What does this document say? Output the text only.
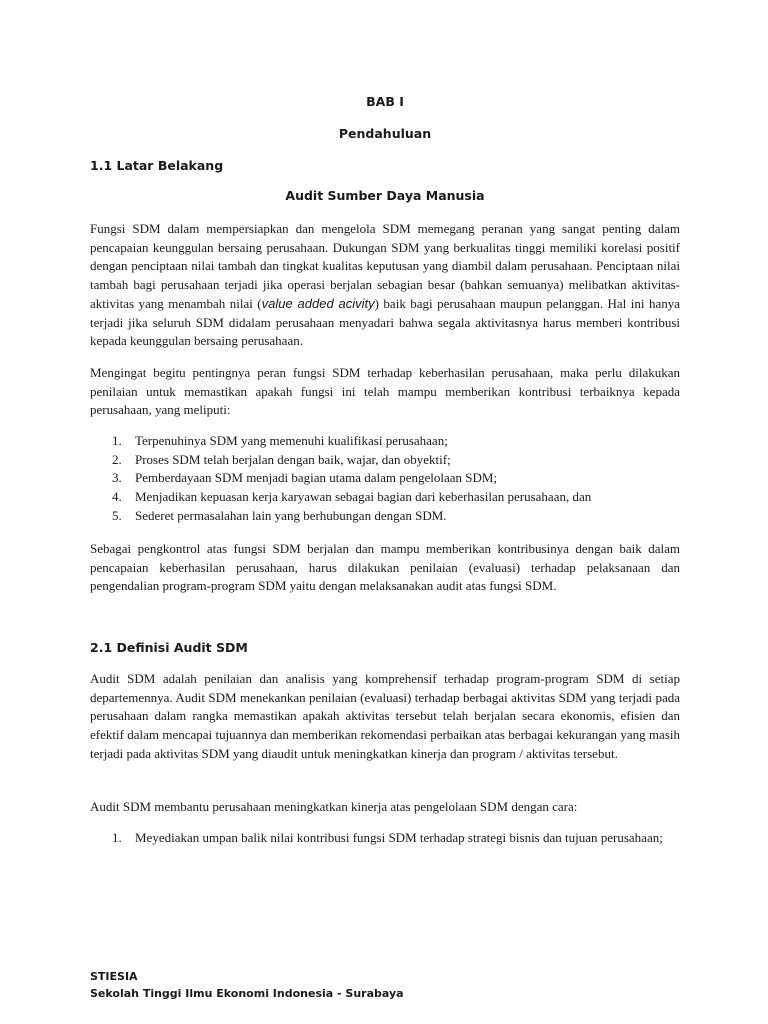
BAB I

Pendahuluan

1.1 Latar Belakang

Audit Sumber Daya Manusia

Fungsi SDM dalam mempersiapkan dan mengelola SDM memegang peranan yang sangat penting dalam pencapaian keunggulan bersaing perusahaan. Dukungan SDM yang berkualitas tinggi memiliki korelasi positif dengan penciptaan nilai tambah dan tingkat kualitas keputusan yang diambil dalam perusahaan. Penciptaan nilai tambah bagi perusahaan terjadi jika operasi berjalan sebagian besar (bahkan semuanya) melibatkan aktivitas-aktivitas yang menambah nilai (value added acivity) baik bagi perusahaan maupun pelanggan. Hal ini hanya terjadi jika seluruh SDM didalam perusahaan menyadari bahwa segala aktivitasnya harus memberi kontribusi kepada keunggulan bersaing perusahaan.

Mengingat begitu pentingnya peran fungsi SDM terhadap keberhasilan perusahaan, maka perlu dilakukan penilaian untuk memastikan apakah fungsi ini telah mampu memberikan kontribusi terbaiknya kepada perusahaan, yang meliputi:

1. Terpenuhinya SDM yang memenuhi kualifikasi perusahaan;
2. Proses SDM telah berjalan dengan baik, wajar, dan obyektif;
3. Pemberdayaan SDM menjadi bagian utama dalam pengelolaan SDM;
4. Menjadikan kepuasan kerja karyawan sebagai bagian dari keberhasilan perusahaan, dan
5. Sederet permasalahan lain yang berhubungan dengan SDM.

Sebagai pengkontrol atas fungsi SDM berjalan dan mampu memberikan kontribusinya dengan baik dalam pencapaian keberhasilan perusahaan, harus dilakukan penilaian (evaluasi) terhadap pelaksanaan dan pengendalian program-program SDM yaitu dengan melaksanakan audit atas fungsi SDM.

2.1 Definisi Audit SDM

Audit SDM adalah penilaian dan analisis yang komprehensif terhadap program-program SDM di setiap departemennya. Audit SDM menekankan penilaian (evaluasi) terhadap berbagai aktivitas SDM yang terjadi pada perusahaan dalam rangka memastikan apakah aktivitas tersebut telah berjalan secara ekonomis, efisien dan efektif dalam mencapai tujuannya dan memberikan rekomendasi perbaikan atas berbagai kekurangan yang masih terjadi pada aktivitas SDM yang diaudit untuk meningkatkan kinerja dan program / aktivitas tersebut.

Audit SDM membantu perusahaan meningkatkan kinerja atas pengelolaan SDM dengan cara:

1. Meyediakan umpan balik nilai kontribusi fungsi SDM terhadap strategi bisnis dan tujuan perusahaan;
STIESIA
Sekolah Tinggi Ilmu Ekonomi Indonesia - Surabaya
